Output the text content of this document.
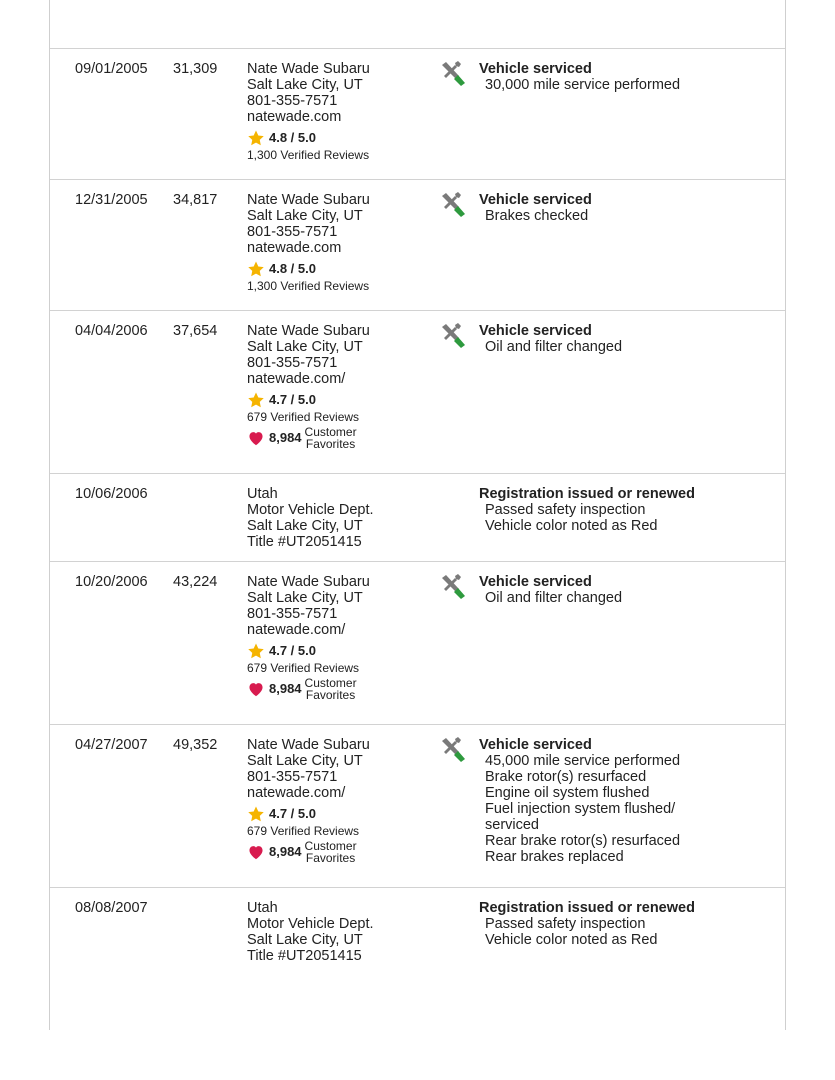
09/01/2005 31,309 Nate Wade Subaru
Salt Lake City, UT
801-355-7571
natewade.com
4.8 / 5.0
1,300 Verified Reviews
Vehicle serviced
30,000 mile service performed
12/31/2005 34,817 Nate Wade Subaru
Salt Lake City, UT
801-355-7571
natewade.com
4.8 / 5.0
1,300 Verified Reviews
Vehicle serviced
Brakes checked
04/04/2006 37,654 Nate Wade Subaru
Salt Lake City, UT
801-355-7571
natewade.com/
4.7 / 5.0
679 Verified Reviews
8,984 Customer
Favorites
Vehicle serviced
Oil and filter changed
10/06/2006	Utah
Motor Vehicle Dept.
Salt Lake City, UT
Title #UT2051415
Registration issued or renewed
Passed safety inspection
Vehicle color noted as Red
10/20/2006 43,224 Nate Wade Subaru
Salt Lake City, UT
801-355-7571
natewade.com/
4.7 / 5.0
679 Verified Reviews
8,984 Customer
Favorites
Vehicle serviced
Oil and filter changed
04/27/2007 49,352 Nate Wade Subaru
Salt Lake City, UT
801-355-7571
natewade.com/
4.7 / 5.0
679 Verified Reviews
8,984 Customer
Favorites
Vehicle serviced
45,000 mile service performed
Brake rotor(s) resurfaced
Engine oil system flushed
Fuel injection system flushed/
serviced
Rear brake rotor(s) resurfaced
Rear brakes replaced
08/08/2007	Utah
Motor Vehicle Dept.
Salt Lake City, UT
Title #UT2051415
Registration issued or renewed
Passed safety inspection
Vehicle color noted as Red
